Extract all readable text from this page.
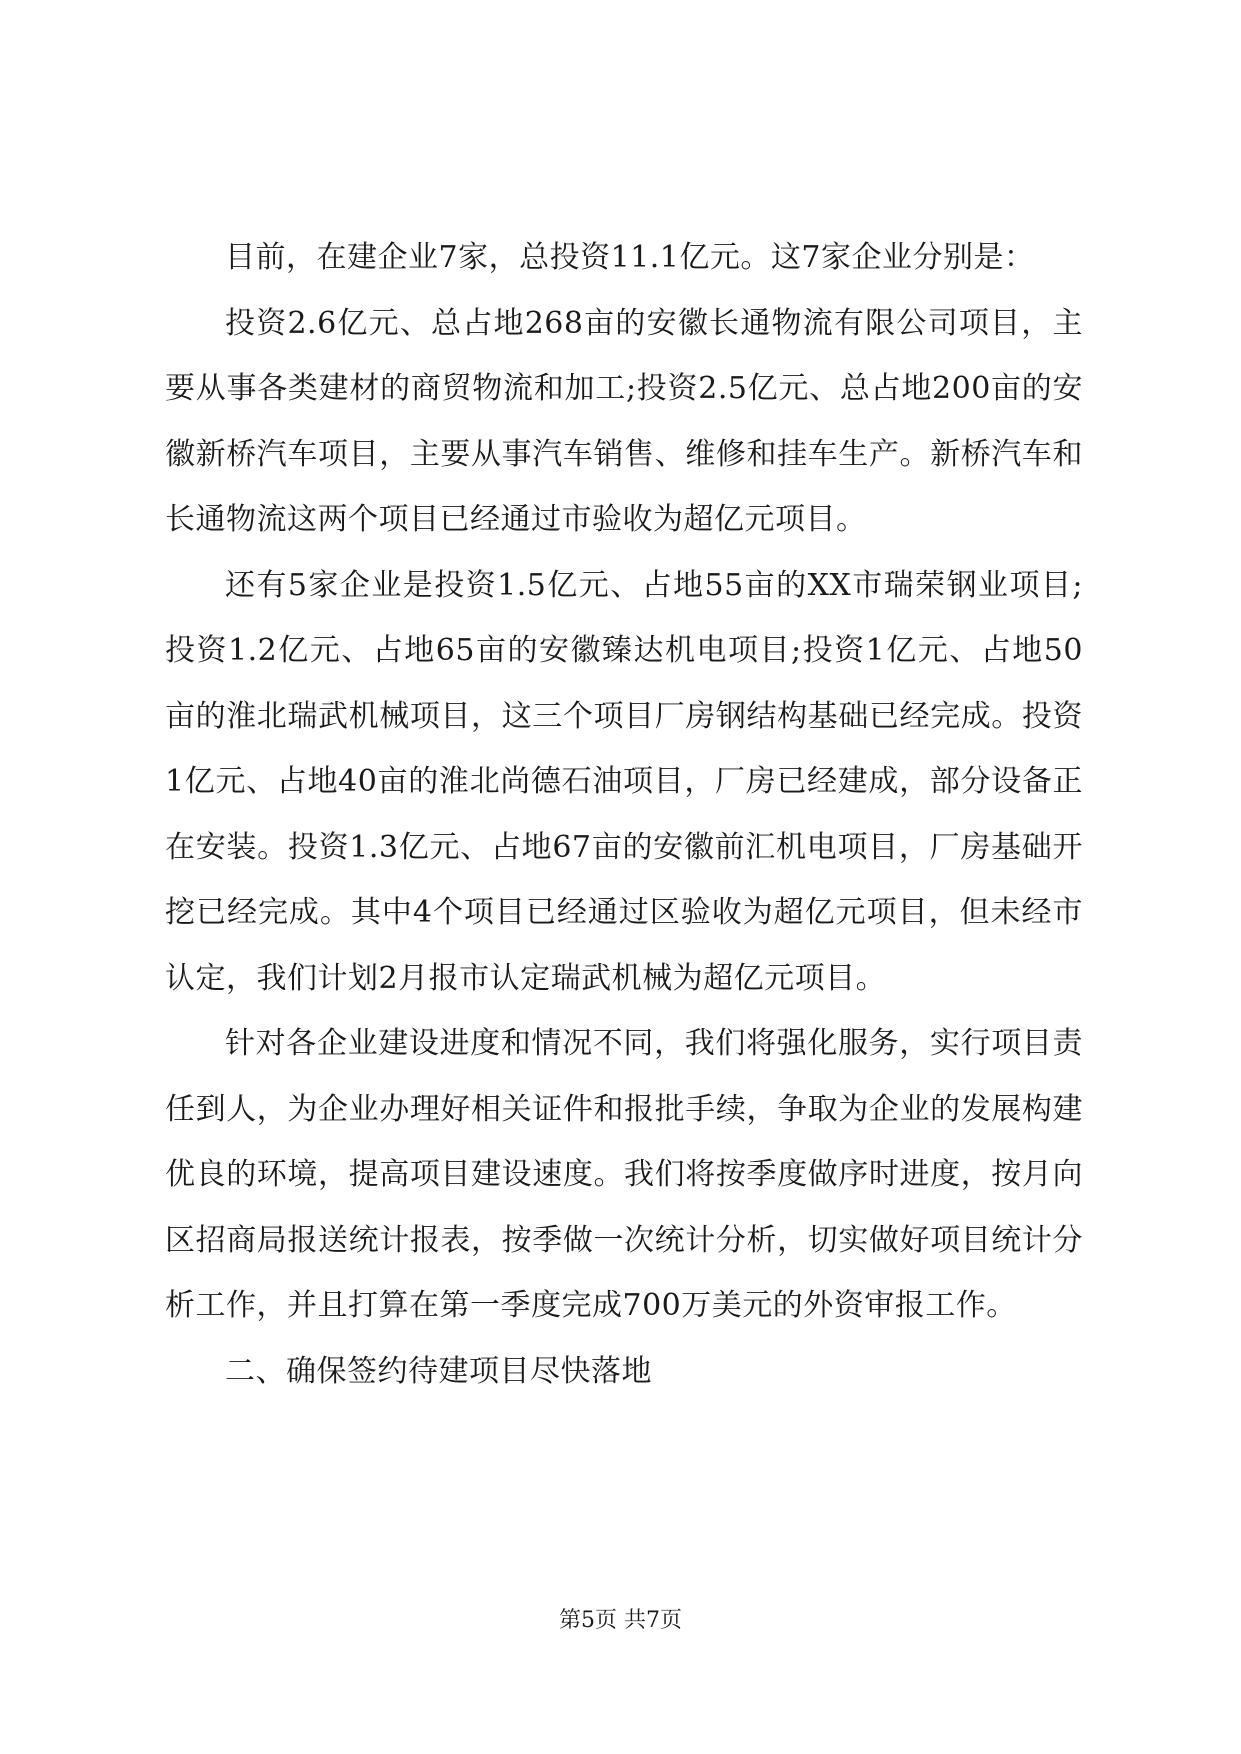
目前，在建企业7家，总投资11.1亿元。这7家企业分别是：

投资2.6亿元、总占地268亩的安徽长通物流有限公司项目，主要从事各类建材的商贸物流和加工;投资2.5亿元、总占地200亩的安徽新桥汽车项目，主要从事汽车销售、维修和挂车生产。新桥汽车和长通物流这两个项目已经通过市验收为超亿元项目。

还有5家企业是投资1.5亿元、占地55亩的XX市瑞荣钢业项目;投资1.2亿元、占地65亩的安徽臻达机电项目;投资1亿元、占地50亩的淮北瑞武机械项目，这三个项目厂房钢结构基础已经完成。投资1亿元、占地40亩的淮北尚德石油项目，厂房已经建成，部分设备正在安装。投资1.3亿元、占地67亩的安徽前汇机电项目，厂房基础开挖已经完成。其中4个项目已经通过区验收为超亿元项目，但未经市认定，我们计划2月报市认定瑞武机械为超亿元项目。

针对各企业建设进度和情况不同，我们将强化服务，实行项目责任到人，为企业办理好相关证件和报批手续，争取为企业的发展构建优良的环境，提高项目建设速度。我们将按季度做序时进度，按月向区招商局报送统计报表，按季做一次统计分析，切实做好项目统计分析工作，并且打算在第一季度完成700万美元的外资审报工作。

二、确保签约待建项目尽快落地

第5页 共7页
